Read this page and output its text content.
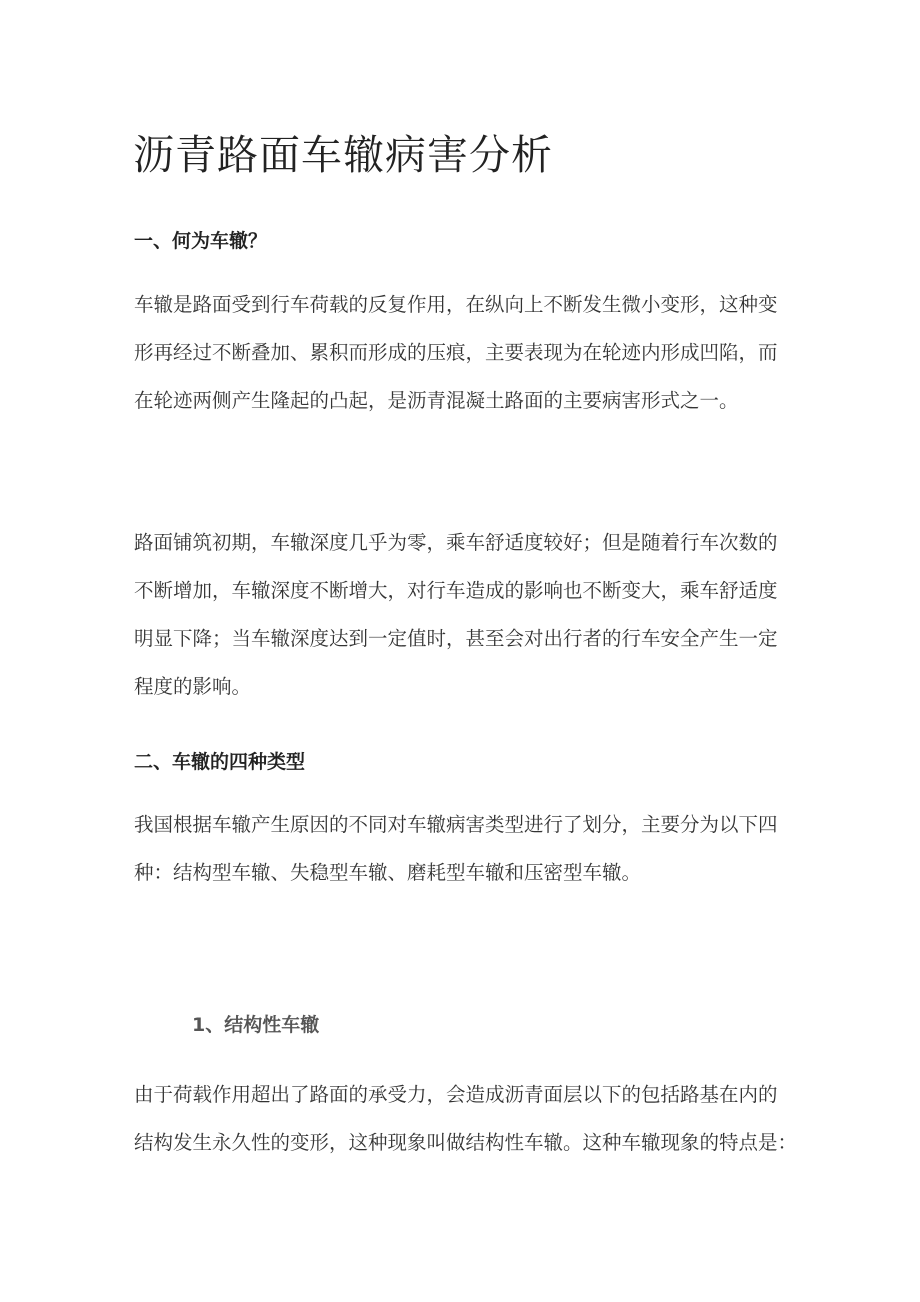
沥青路面车辙病害分析
一、何为车辙？
车辙是路面受到行车荷载的反复作用，在纵向上不断发生微小变形，这种变
形再经过不断叠加、累积而形成的压痕，主要表现为在轮迹内形成凹陷，而
在轮迹两侧产生隆起的凸起，是沥青混凝土路面的主要病害形式之一。
路面铺筑初期，车辙深度几乎为零，乘车舒适度较好；但是随着行车次数的
不断增加，车辙深度不断增大，对行车造成的影响也不断变大，乘车舒适度
明显下降；当车辙深度达到一定值时，甚至会对出行者的行车安全产生一定
程度的影响。
二、车辙的四种类型
我国根据车辙产生原因的不同对车辙病害类型进行了划分，主要分为以下四
种：结构型车辙、失稳型车辙、磨耗型车辙和压密型车辙。
1、结构性车辙
由于荷载作用超出了路面的承受力，会造成沥青面层以下的包括路基在内的
结构发生永久性的变形，这种现象叫做结构性车辙。这种车辙现象的特点是：
